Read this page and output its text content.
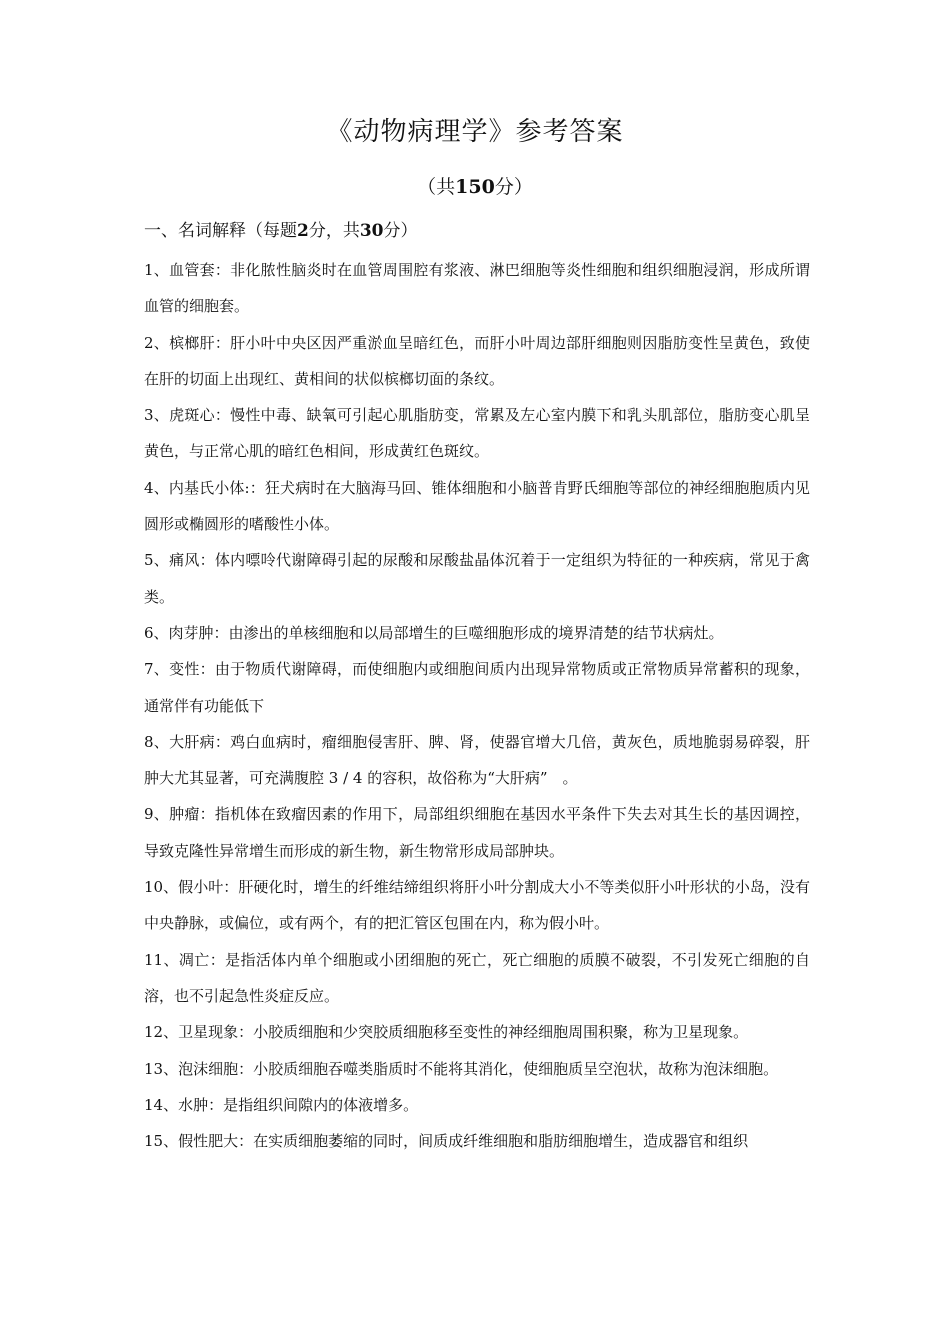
《动物病理学》参考答案
（共150分）
一、名词解释（每题2分，共30分）
1、血管套：非化脓性脑炎时在血管周围腔有浆液、淋巴细胞等炎性细胞和组织细胞浸润，形成所谓血管的细胞套。
2、槟榔肝：肝小叶中央区因严重淤血呈暗红色，而肝小叶周边部肝细胞则因脂肪变性呈黄色，致使在肝的切面上出现红、黄相间的状似槟榔切面的条纹。
3、虎斑心：慢性中毒、缺氧可引起心肌脂肪变，常累及左心室内膜下和乳头肌部位，脂肪变心肌呈黄色，与正常心肌的暗红色相间，形成黄红色斑纹。
4、内基氏小体:：狂犬病时在大脑海马回、锥体细胞和小脑普肯野氏细胞等部位的神经细胞胞质内见圆形或椭圆形的嗜酸性小体。
5、痛风：体内嘌呤代谢障碍引起的尿酸和尿酸盐晶体沉着于一定组织为特征的一种疾病，常见于禽类。
6、肉芽肿：由渗出的单核细胞和以局部增生的巨噬细胞形成的境界清楚的结节状病灶。
7、变性：由于物质代谢障碍，而使细胞内或细胞间质内出现异常物质或正常物质异常蓄积的现象，通常伴有功能低下
8、大肝病：鸡白血病时，瘤细胞侵害肝、脾、肾，使器官增大几倍，黄灰色，质地脆弱易碎裂，肝肿大尤其显著，可充满腹腔 3 / 4 的容积，故俗称为“大肝病”　。
9、肿瘤：指机体在致瘤因素的作用下，局部组织细胞在基因水平条件下失去对其生长的基因调控，导致克隆性异常增生而形成的新生物，新生物常形成局部肿块。
10、假小叶：肝硬化时，增生的纤维结缔组织将肝小叶分割成大小不等类似肝小叶形状的小岛，没有中央静脉，或偏位，或有两个，有的把汇管区包围在内，称为假小叶。
11、凋亡：是指活体内单个细胞或小团细胞的死亡，死亡细胞的质膜不破裂，不引发死亡细胞的自溶，也不引起急性炎症反应。
12、卫星现象：小胶质细胞和少突胶质细胞移至变性的神经细胞周围积聚，称为卫星现象。
13、泡沫细胞：小胶质细胞吞噬类脂质时不能将其消化，使细胞质呈空泡状，故称为泡沫细胞。
14、水肿：是指组织间隙内的体液增多。
15、假性肥大：在实质细胞萎缩的同时，间质成纤维细胞和脂肪细胞增生，造成器官和组织
